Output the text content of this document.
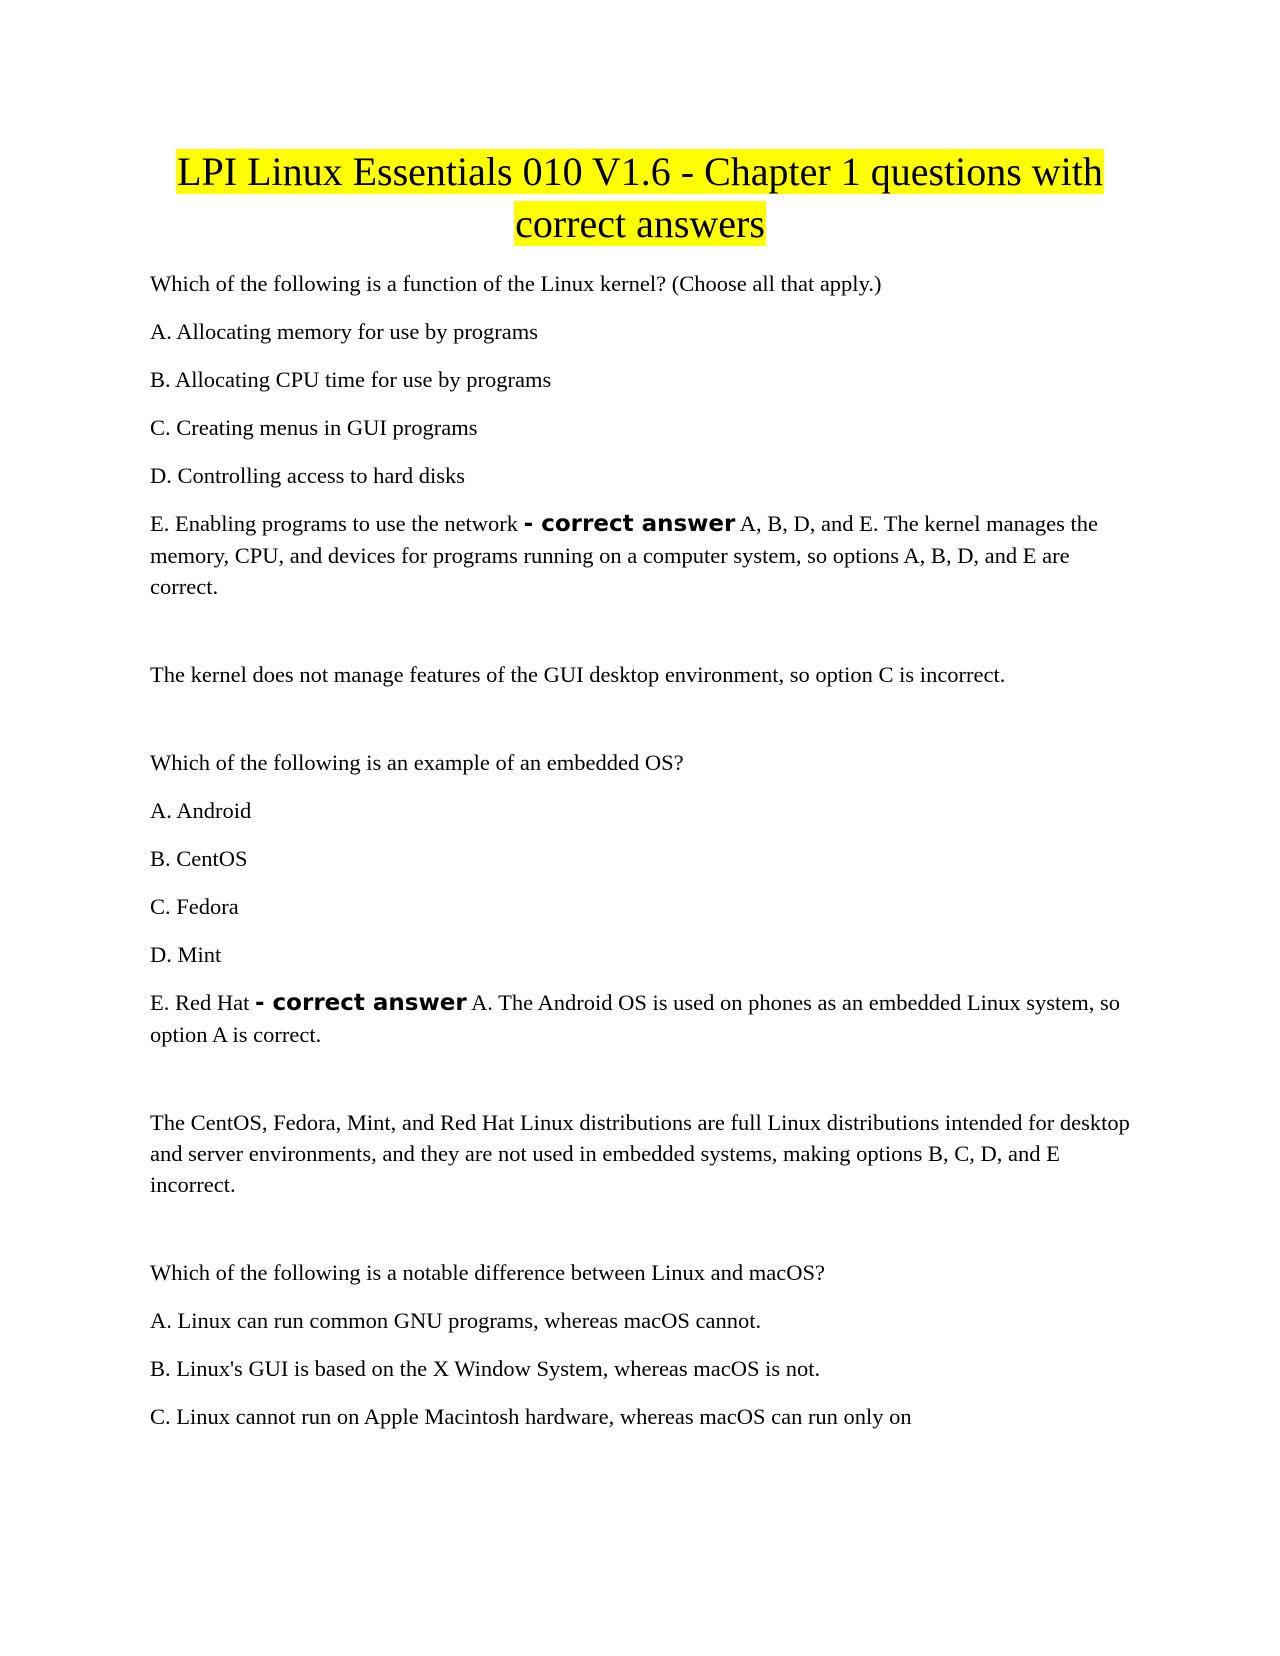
LPI Linux Essentials 010 V1.6 - Chapter 1 questions with correct answers
Which of the following is a function of the Linux kernel? (Choose all that apply.)
A. Allocating memory for use by programs
B. Allocating CPU time for use by programs
C. Creating menus in GUI programs
D. Controlling access to hard disks
E. Enabling programs to use the network - correct answer A, B, D, and E. The kernel manages the memory, CPU, and devices for programs running on a computer system, so options A, B, D, and E are correct.
The kernel does not manage features of the GUI desktop environment, so option C is incorrect.
Which of the following is an example of an embedded OS?
A. Android
B. CentOS
C. Fedora
D. Mint
E. Red Hat - correct answer A. The Android OS is used on phones as an embedded Linux system, so option A is correct.
The CentOS, Fedora, Mint, and Red Hat Linux distributions are full Linux distributions intended for desktop and server environments, and they are not used in embedded systems, making options B, C, D, and E incorrect.
Which of the following is a notable difference between Linux and macOS?
A. Linux can run common GNU programs, whereas macOS cannot.
B. Linux's GUI is based on the X Window System, whereas macOS is not.
C. Linux cannot run on Apple Macintosh hardware, whereas macOS can run only on
